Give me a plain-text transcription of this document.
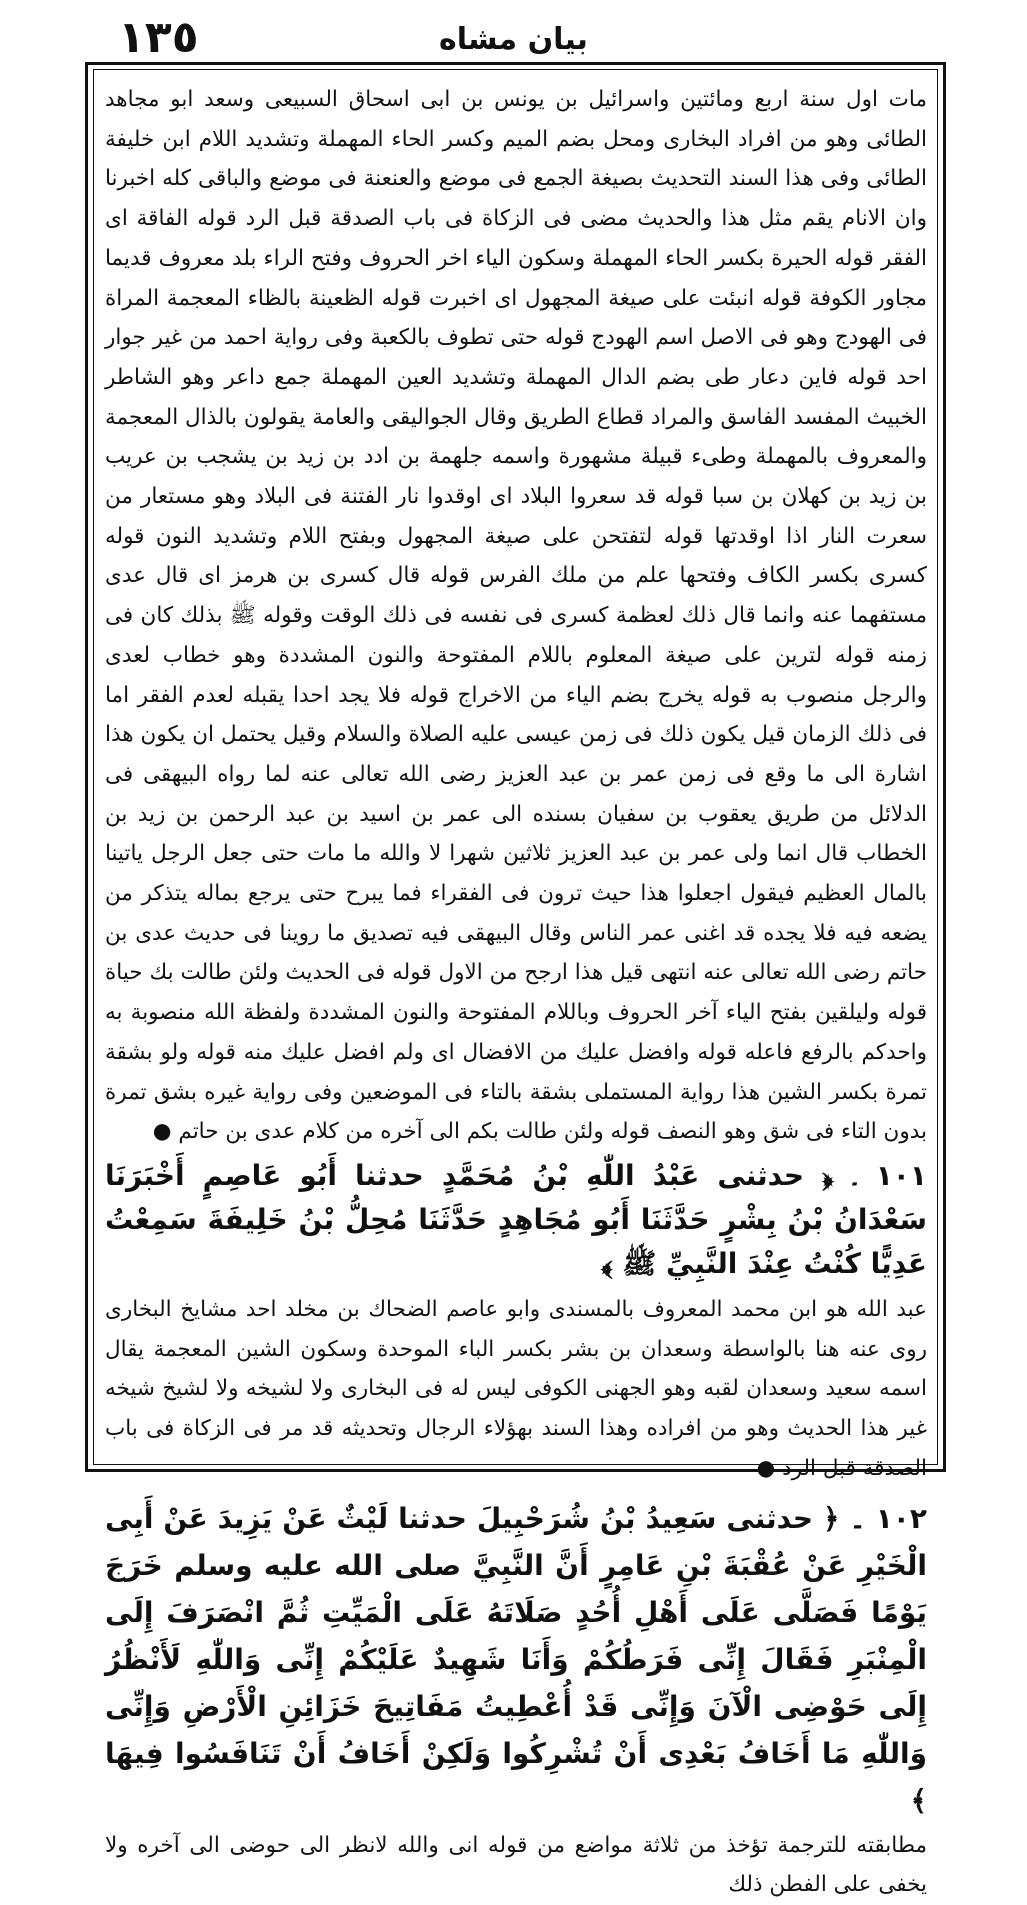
١٣٥	بيان مشاه

مات اول سنة اربع ومائتين واسرائيل بن يونس بن ابى اسحاق السبيعى وسعد ابو مجاهد الطائى وهو من افراد البخارى ومحل بضم الميم وكسر الحاء المهملة وتشديد اللام ابن خليفة الطائى وفى هذا السند التحديث بصيغة الجمع فى موضع والعنعنة فى موضع والباقى كله اخبرنا وان الانام يقم مثل هذا والحديث مضى فى الزكاة فى باب الصدقة قبل الرد قوله الفاقة اى الفقر قوله الحيرة بكسر الحاء المهملة وسكون الياء اخر الحروف وفتح الراء بلد معروف قديما مجاور الكوفة قوله انبئت على صيغة المجهول اى اخبرت قوله الظعينة بالظاء المعجمة المراة فى الهودج وهو فى الاصل اسم الهودج قوله حتى تطوف بالكعبة وفى رواية احمد من غير جوار احد قوله فاين دعار طى بضم الدال المهملة وتشديد العين المهملة جمع داعر وهو الشاطر الخبيث المفسد الفاسق والمراد قطاع الطريق وقال الجواليقى والعامة يقولون بالذال المعجمة والمعروف بالمهملة وطىء قبيلة مشهورة واسمه جلهمة بن ادد بن زيد بن يشجب بن عريب بن زيد بن كهلان بن سبا قوله قد سعروا البلاد اى اوقدوا نار الفتنة فى البلاد وهو مستعار من سعرت النار اذا اوقدتها قوله لتفتحن على صيغة المجهول وبفتح اللام وتشديد النون قوله كسرى بكسر الكاف وفتحها علم من ملك الفرس قوله قال كسرى بن هرمز اى قال عدى مستفهما عنه وانما قال ذلك لعظمة كسرى فى نفسه فى ذلك الوقت وقوله ﷺ بذلك كان فى زمنه قوله لترين على صيغة المعلوم باللام المفتوحة والنون المشددة وهو خطاب لعدى والرجل منصوب به قوله يخرج بضم الياء من الاخراج قوله فلا يجد احدا يقبله لعدم الفقر اما فى ذلك الزمان قيل يكون ذلك فى زمن عيسى عليه الصلاة والسلام وقيل يحتمل ان يكون هذا اشارة الى ما وقع فى زمن عمر بن عبد العزيز رضى الله تعالى عنه لما رواه البيهقى فى الدلائل من طريق يعقوب بن سفيان بسنده الى عمر بن اسيد بن عبد الرحمن بن زيد بن الخطاب قال انما ولى عمر بن عبد العزيز ثلاثين شهرا لا والله ما مات حتى جعل الرجل ياتينا بالمال العظيم فيقول اجعلوا هذا حيث ترون فى الفقراء فما يبرح حتى يرجع بماله يتذكر من يضعه فيه فلا يجده قد اغنى عمر الناس وقال البيهقى فيه تصديق ما روينا فى حديث عدى بن حاتم رضى الله تعالى عنه انتهى قيل هذا ارجح من الاول قوله فى الحديث ولئن طالت بك حياة قوله وليلقين بفتح الياء آخر الحروف وباللام المفتوحة والنون المشددة ولفظة الله منصوبة به واحدكم بالرفع فاعله قوله وافضل عليك من الافضال اى ولم افضل عليك منه قوله ولو بشقة تمرة بكسر الشين هذا رواية المستملى بشقة بالتاء فى الموضعين وفى رواية غيره بشق تمرة بدون التاء فى شق وهو النصف قوله ولئن طالت بكم الى آخره من كلام عدى بن حاتم ●

١٠١ ۔ ﴿ حدثنى عَبْدُ اللّٰهِ بْنُ مُحَمَّدٍ حدثنا أَبُو عَاصِمٍ أَخْبَرَنَا سَعْدَانُ بْنُ بِشْرٍ حَدَّثَنَا أَبُو مُجَاهِدٍ حَدَّثَنَا مُحِلُّ بْنُ خَلِيفَةَ سَمِعْتُ عَدِيًّا كُنْتُ عِنْدَ النَّبِيِّ ﷺ ﴾

عبد الله هو ابن محمد المعروف بالمسندى وابو عاصم الضحاك بن مخلد احد مشايخ البخارى روى عنه هنا بالواسطة وسعدان بن بشر بكسر الباء الموحدة وسكون الشين المعجمة يقال اسمه سعيد وسعدان لقبه وهو الجهنى الكوفى ليس له فى البخارى ولا لشيخه ولا لشيخ شيخه غير هذا الحديث وهو من افراده وهذا السند بهؤلاء الرجال وتحديثه قد مر فى الزكاة فى باب الصدقة قبل الرد ●

١٠٢ ۔ ﴿ حدثنى سَعِيدُ بْنُ شُرَحْبِيلَ حدثنا لَيْثٌ عَنْ يَزِيدَ عَنْ أَبِى الْخَيْرِ عَنْ عُقْبَةَ بْنِ عَامِرٍ أَنَّ النَّبِيَّ صلى الله عليه وسلم خَرَجَ يَوْمًا فَصَلَّى عَلَى أَهْلِ أُحُدٍ صَلَاتَهُ عَلَى الْمَيِّتِ ثُمَّ انْصَرَفَ إِلَى الْمِنْبَرِ فَقَالَ إِنِّى فَرَطُكُمْ وَأَنَا شَهِيدٌ عَلَيْكُمْ إِنِّى وَاللّٰهِ لَأَنْظُرُ إِلَى حَوْضِى الْآنَ وَإِنِّى قَدْ أُعْطِيتُ مَفَاتِيحَ خَزَائِنِ الْأَرْضِ وَإِنِّى وَاللّٰهِ مَا أَخَافُ بَعْدِى أَنْ تُشْرِكُوا وَلَكِنْ أَخَافُ أَنْ تَنَافَسُوا فِيهَا ﴾

مطابقته للترجمة تؤخذ من ثلاثة مواضع من قوله انى والله لانظر الى حوضى الى آخره ولا يخفى على الفطن ذلك
